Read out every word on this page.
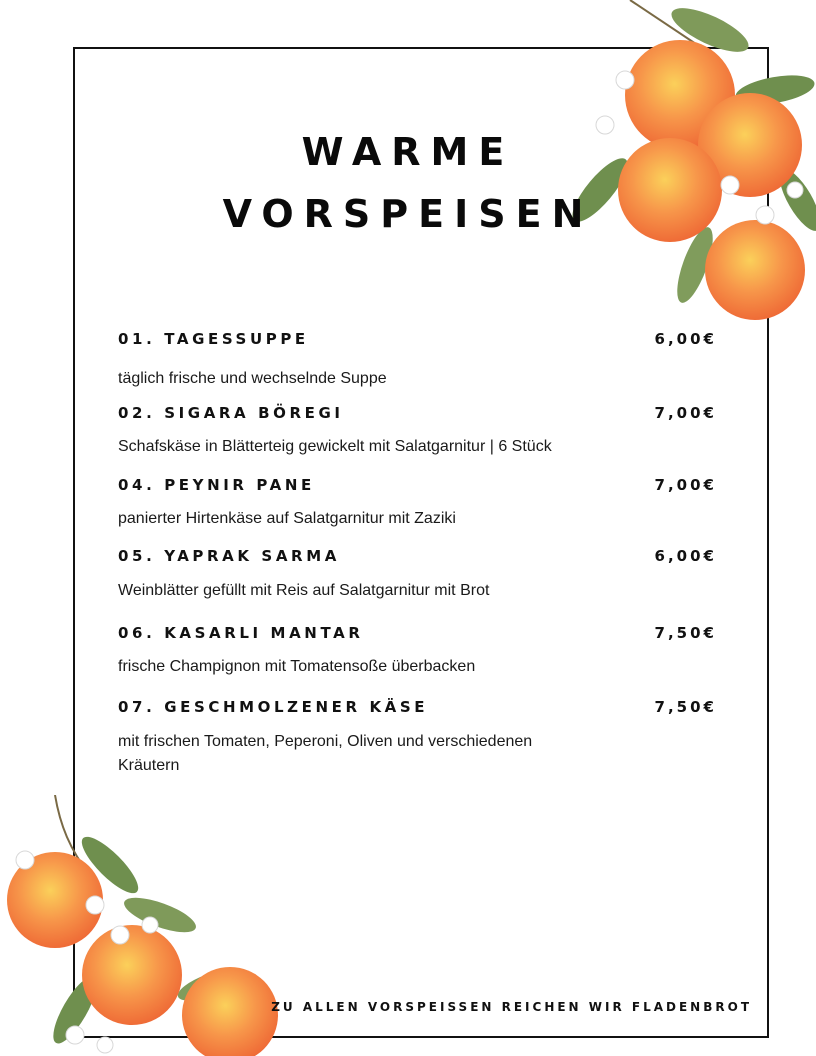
WARME
VORSPEISEN
01. TAGESSUPPE	6,00€
täglich frische und wechselnde Suppe
02. SIGARA BÖREGI	7,00€
Schafskäse in Blätterteig gewickelt mit Salatgarnitur | 6 Stück
04. PEYNIR PANE	7,00€
panierter Hirtenkäse auf Salatgarnitur mit Zaziki
05. YAPRAK SARMA	6,00€
Weinblätter gefüllt mit Reis auf Salatgarnitur mit Brot
06. KASARLI MANTAR	7,50€
frische Champignon mit Tomatensoße überbacken
07. GESCHMOLZENER KÄSE	7,50€
mit frischen Tomaten, Peperoni, Oliven und verschiedenen Kräutern
ZU ALLEN VORSPEISSEN REICHEN WIR FLADENBROT
